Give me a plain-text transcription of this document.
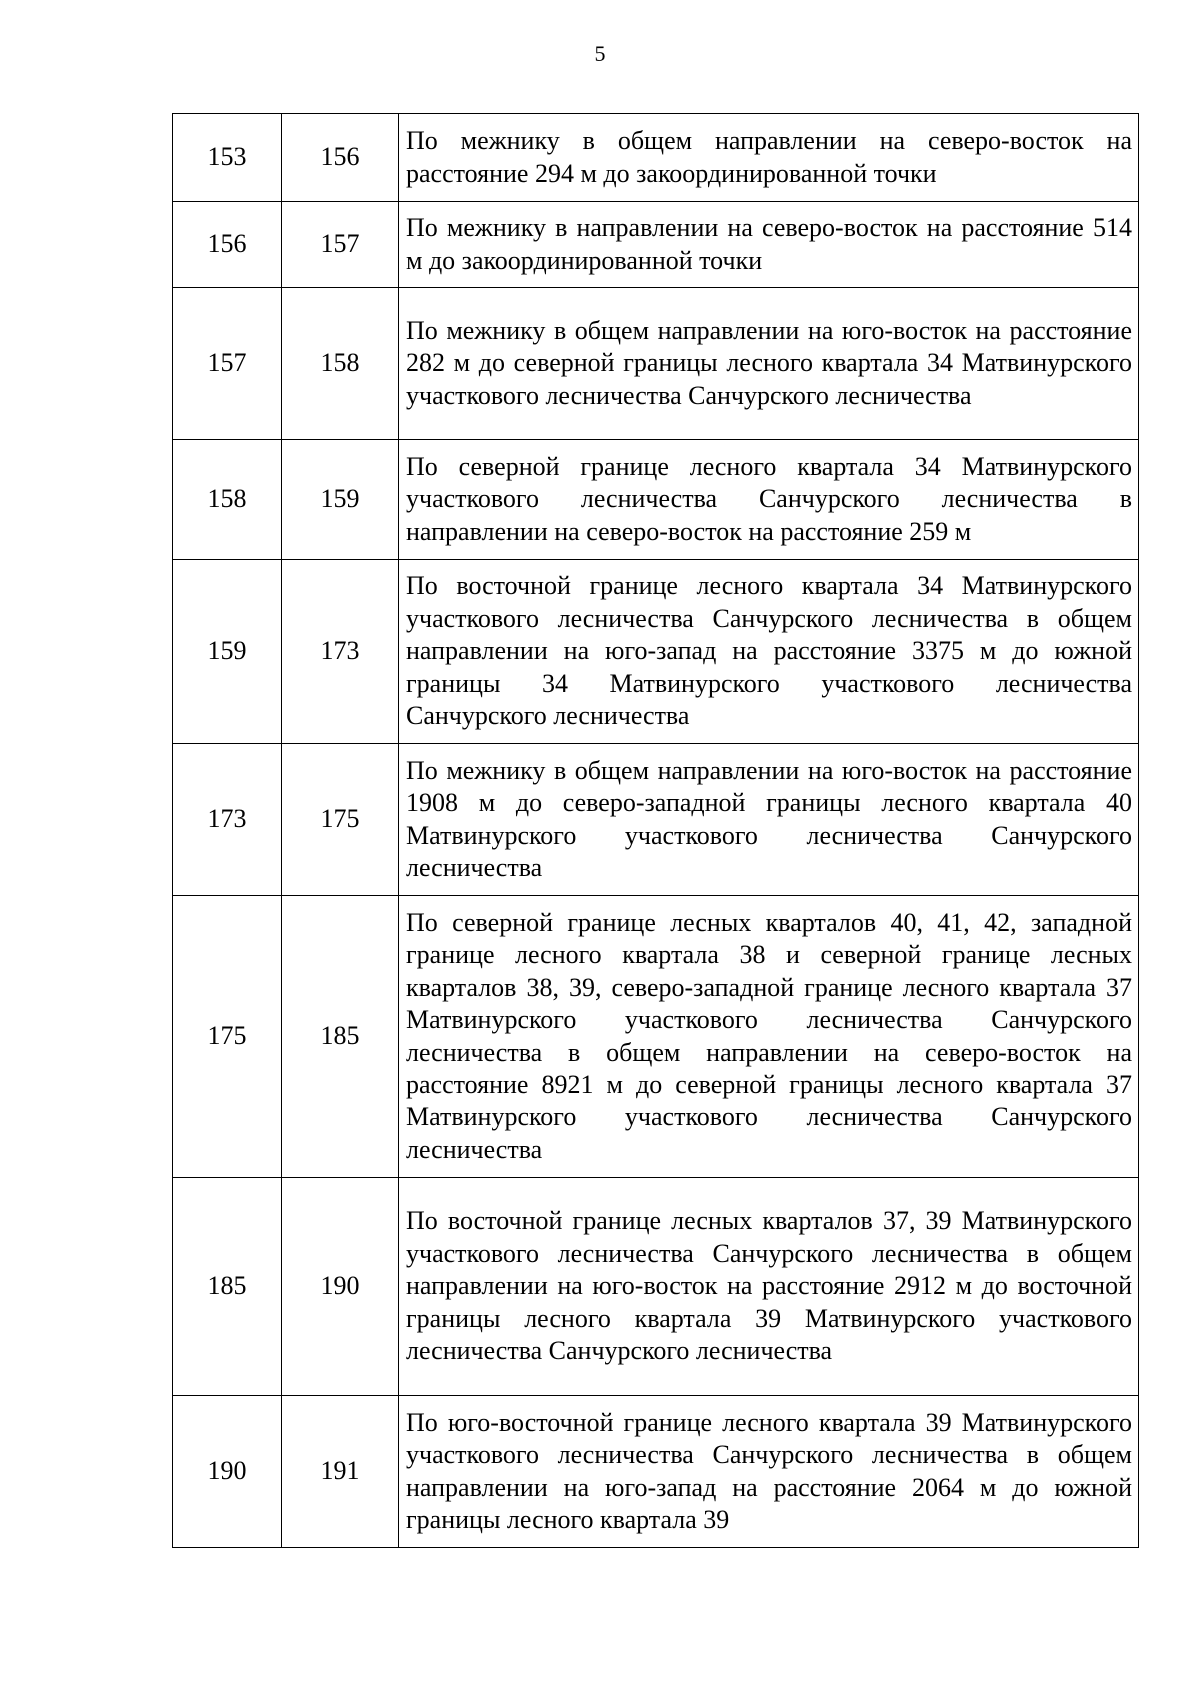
5
153	156	По межнику в общем направлении на северо-восток на расстояние 294 м до закоординированной точки
156	157	По межнику в направлении на северо-восток на расстояние 514 м до закоординированной точки
157	158	По межнику в общем направлении на юго-восток на расстояние 282 м до северной границы лесного квартала 34 Матвинурского участкового лесничества Санчурского лесничества
158	159	По северной границе лесного квартала 34 Матвинурского участкового лесничества Санчурского лесничества в направлении на северо-восток на расстояние 259 м
159	173	По восточной границе лесного квартала 34 Матвинурского участкового лесничества Санчурского лесничества в общем направлении на юго-запад на расстояние 3375 м до южной границы 34 Матвинурского участкового лесничества Санчурского лесничества
173	175	По межнику в общем направлении на юго-восток на расстояние 1908 м до северо-западной границы лесного квартала 40 Матвинурского участкового лесничества Санчурского лесничества
175	185	По северной границе лесных кварталов 40, 41, 42, западной границе лесного квартала 38 и северной границе лесных кварталов 38, 39, северо-западной границе лесного квартала 37 Матвинурского участкового лесничества Санчурского лесничества в общем направлении на северо-восток на расстояние 8921 м до северной границы лесного квартала 37 Матвинурского участкового лесничества Санчурского лесничества
185	190	По восточной границе лесных кварталов 37, 39 Матвинурского участкового лесничества Санчурского лесничества в общем направлении на юго-восток на расстояние 2912 м до восточной границы лесного квартала 39 Матвинурского участкового лесничества Санчурского лесничества
190	191	По юго-восточной границе лесного квартала 39 Матвинурского участкового лесничества Санчурского лесничества в общем направлении на юго-запад на расстояние 2064 м до южной границы лесного квартала 39
